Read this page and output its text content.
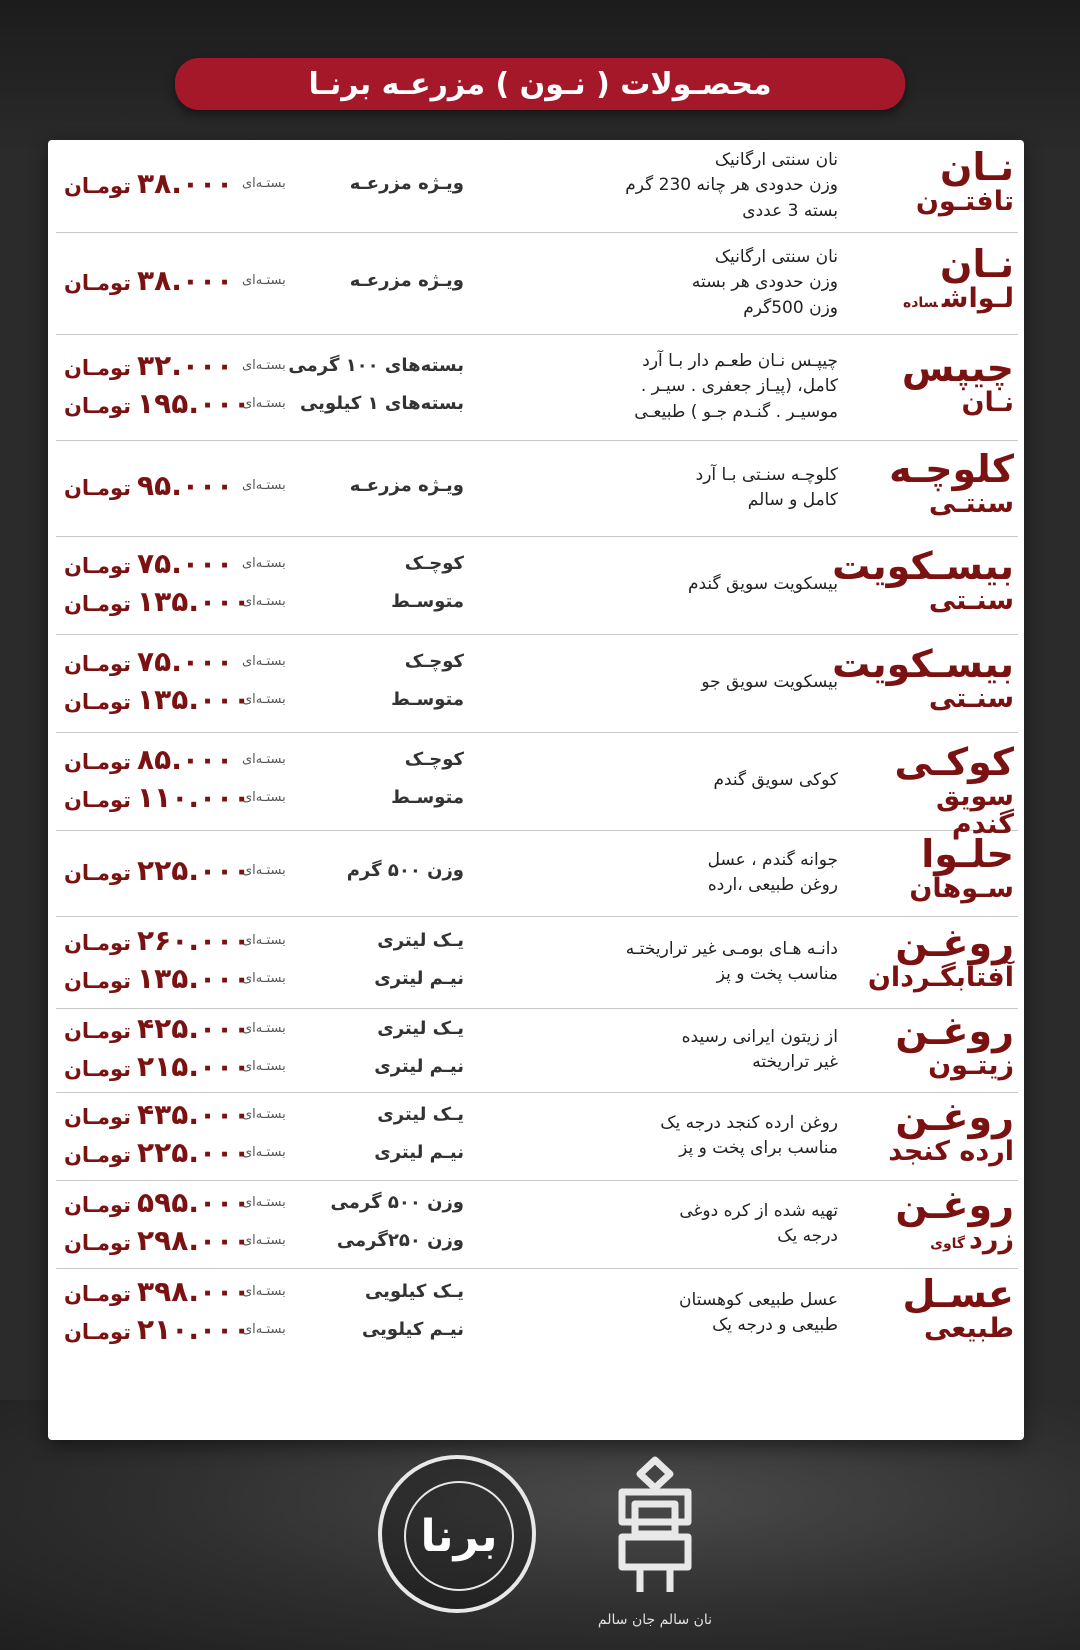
محصـولات ( نـون ) مزرعـه برنـا
نـان
تافتـون
نان سنتی ارگانیک
وزن حدودی هر چانه 230 گرم
بسته 3 عددی
ویـژه مزرعـه
بستـه‌ای
۳۸.۰۰۰تومـان
نـان
لـواشساده
نان سنتی ارگانیک
وزن حدودی هر بسته
وزن 500گرم
ویـژه مزرعـه
بستـه‌ای
۳۸.۰۰۰تومـان
چیپس
نـان
چیپـس نـان طعـم دار بـا آرد
کامل، (پیـاز جعفری . سیـر .
موسیـر . گنـدم جـو ) طبیعـی
بسته‌های ۱۰۰ گرمی
بستـه‌ای
۳۲.۰۰۰تومـان
بسته‌های ۱ کیلویی
بستـه‌ای
۱۹۵.۰۰۰تومـان
کلوچـه
سنتـی
کلوچـه سنـتی بـا آرد
کامل و سالم
ویـژه مزرعـه
بستـه‌ای
۹۵.۰۰۰تومـان
بیسـکویت
سنـتی
بیسکویت سویق گندم
کوچـک
بستـه‌ای
۷۵.۰۰۰تومـان
متوسـط
بستـه‌ای
۱۳۵.۰۰۰تومـان
بیسـکویت
سنـتی
بیسکویت سویق جو
کوچـک
بستـه‌ای
۷۵.۰۰۰تومـان
متوسـط
بستـه‌ای
۱۳۵.۰۰۰تومـان
کوکـی
سویق گندم
کوکی سویق گندم
کوچـک
بستـه‌ای
۸۵.۰۰۰تومـان
متوسـط
بستـه‌ای
۱۱۰.۰۰۰تومـان
حلـوا
سـوهان
جوانه گندم ، عسل
روغن طبیعی ،ارده
وزن ۵۰۰ گرم
بستـه‌ای
۲۲۵.۰۰۰تومـان
روغـن
آفتابگـردان
دانـه هـای بومـی غیر تراریختـه
مناسب پخت و پز
یـک لیتری
بستـه‌ای
۲۶۰.۰۰۰تومـان
نیـم لیتری
بستـه‌ای
۱۳۵.۰۰۰تومـان
روغـن
زیتـون
از زیتون ایرانی رسیده
غیر تراریخته
یـک لیتری
بستـه‌ای
۴۲۵.۰۰۰تومـان
نیـم لیتری
بستـه‌ای
۲۱۵.۰۰۰تومـان
روغـن
ارده کنجد
روغن ارده کنجد درجه یک
مناسب برای پخت و پز
یـک لیتری
بستـه‌ای
۴۳۵.۰۰۰تومـان
نیـم لیتری
بستـه‌ای
۲۲۵.۰۰۰تومـان
روغـن
زردگاوی
تهیه شده از کره دوغی
درجه یک
وزن ۵۰۰ گرمی
بستـه‌ای
۵۹۵.۰۰۰تومـان
وزن ۲۵۰گرمی
بستـه‌ای
۲۹۸.۰۰۰تومـان
عسـل
طبیعی
عسل طبیعی کوهستان
طبیعی و درجه یک
یـک کیلویی
بستـه‌ای
۳۹۸.۰۰۰تومـان
نیـم کیلویی
بستـه‌ای
۲۱۰.۰۰۰تومـان
برنا
نان سالم جان سالم
